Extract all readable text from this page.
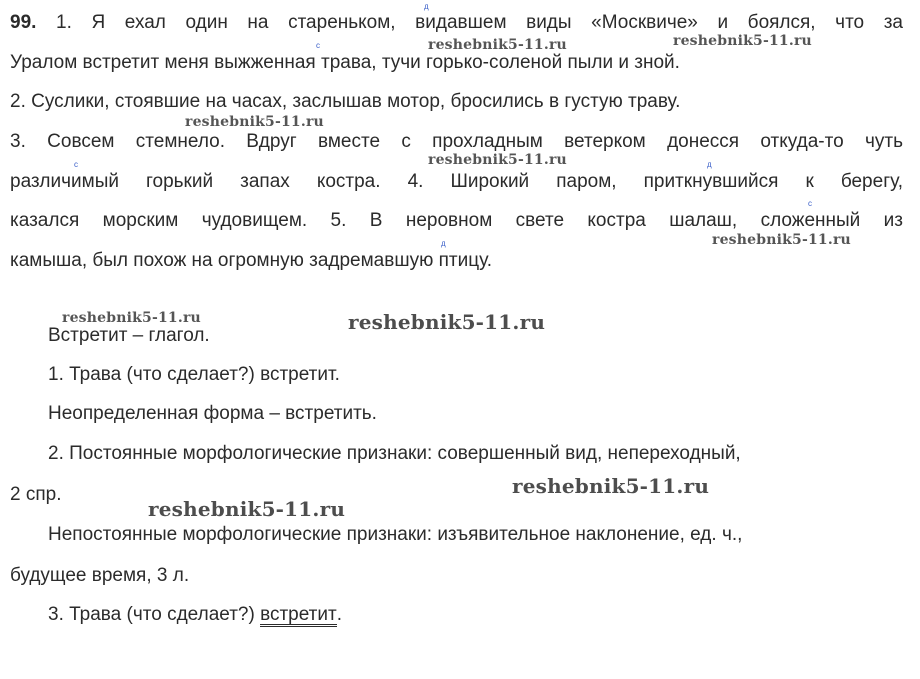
99. 1. Я ехал один на стареньком, видавшем виды «Москвиче» и боялся, что за
Уралом встретит меня выжженная трава, тучи горько-соленой пыли и зной.
2. Суслики, стоявшие на часах, заслышав мотор, бросились в густую траву.
3. Совсем стемнело. Вдруг вместе с прохладным ветерком донесся откуда-то чуть
различимый горький запах костра. 4. Широкий паром, приткнувшийся к берегу,
казался морским чудовищем. 5. В неровном свете костра шалаш, сложенный из
камыша, был похож на огромную задремавшую птицу.
д
с
с	д
с
д
Встретит – глагол.
1. Трава (что сделает?) встретит.
Неопределенная форма – встретить.
2. Постоянные морфологические признаки: совершенный вид, непереходный,
2 спр.
Непостоянные морфологические признаки: изъявительное наклонение, ед. ч.,
будущее время, 3 л.
3. Трава (что сделает?) встретит.
reshebnik5-11.ru	reshebnik5-11.ru
reshebnik5-11.ru
reshebnik5-11.ru
reshebnik5-11.ru
reshebnik5-11.ru	reshebnik5-11.ru
reshebnik5-11.ru
reshebnik5-11.ru
